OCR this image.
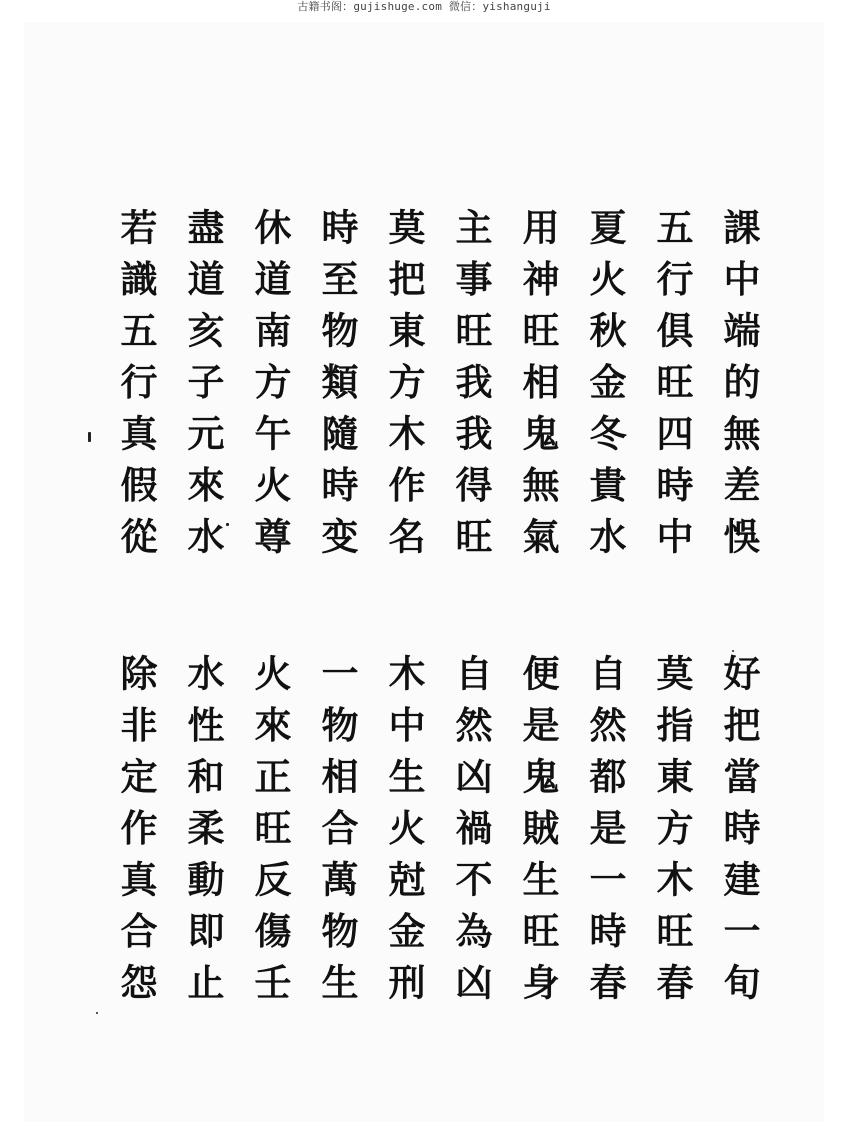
古籍书阁：gujishuge.com 微信：yishanguji
課中端的無差悞
五行俱旺四時中
夏火秋金冬貴水
用神旺相鬼無氣
主事旺我我得旺
莫把東方木作名
時至物類隨時变
休道南方午火尊
盡道亥子元來水
若識五行真假從
好把當時建一旬
莫指東方木旺春
自然都是一時春
便是鬼賊生旺身
自然凶禍不為凶
木中生火尅金刑
一物相合萬物生
火來正旺反傷壬
水性和柔動即止
除非定作真合怨
